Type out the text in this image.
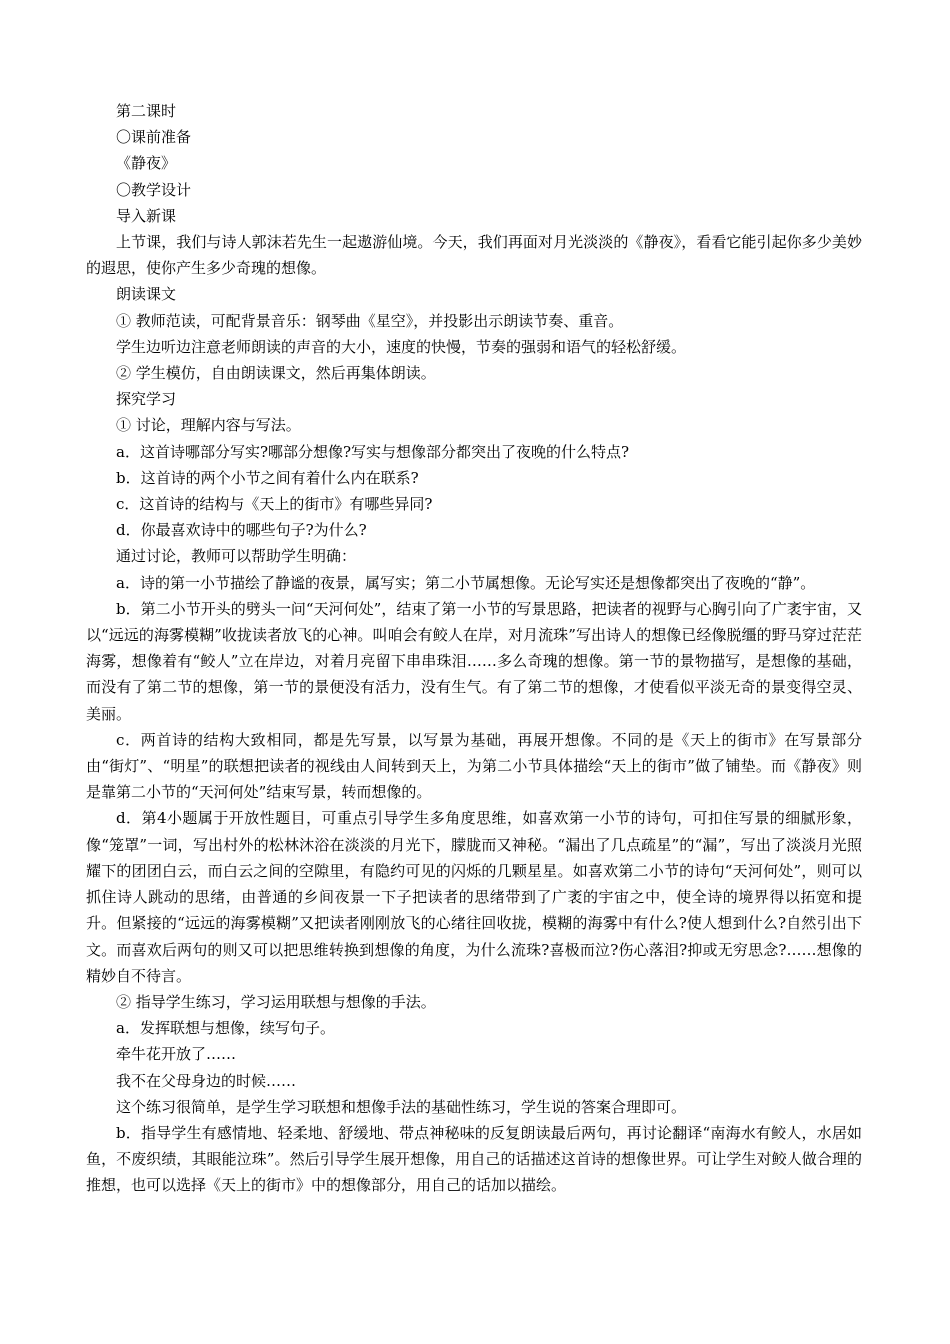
第二课时

〇课前准备

《静夜》

〇教学设计

导入新课

上节课，我们与诗人郭沫若先生一起遨游仙境。今天，我们再面对月光淡淡的《静夜》，看看它能引起你多少美妙的遐思，使你产生多少奇瑰的想像。

朗读课文

① 教师范读，可配背景音乐：钢琴曲《星空》，并投影出示朗读节奏、重音。

学生边听边注意老师朗读的声音的大小，速度的快慢，节奏的强弱和语气的轻松舒缓。

② 学生模仿，自由朗读课文，然后再集体朗读。

探究学习

① 讨论，理解内容与写法。

a．这首诗哪部分写实?哪部分想像?写实与想像部分都突出了夜晚的什么特点?

b．这首诗的两个小节之间有着什么内在联系?

c．这首诗的结构与《天上的街市》有哪些异同?

d．你最喜欢诗中的哪些句子?为什么?

通过讨论，教师可以帮助学生明确：

a．诗的第一小节描绘了静谧的夜景，属写实；第二小节属想像。无论写实还是想像都突出了夜晚的“静”。

b．第二小节开头的劈头一问“天河何处”，结束了第一小节的写景思路，把读者的视野与心胸引向了广袤宇宙，又以“远远的海雾模糊”收拢读者放飞的心神。叫咱会有鲛人在岸，对月流珠”写出诗人的想像已经像脱缰的野马穿过茫茫海雾，想像着有“鲛人”立在岸边，对着月亮留下串串珠泪……多么奇瑰的想像。第一节的景物描写，是想像的基础，而没有了第二节的想像，第一节的景便没有活力，没有生气。有了第二节的想像，才使看似平淡无奇的景变得空灵、美丽。

c．两首诗的结构大致相同，都是先写景，以写景为基础，再展开想像。不同的是《天上的街市》在写景部分由“街灯”、“明星”的联想把读者的视线由人间转到天上，为第二小节具体描绘“天上的街市”做了铺垫。而《静夜》则是靠第二小节的“天河何处”结束写景，转而想像的。

d．第4小题属于开放性题目，可重点引导学生多角度思维，如喜欢第一小节的诗句，可扣住写景的细腻形象，像“笼罩”一词，写出村外的松林沐浴在淡淡的月光下，朦胧而又神秘。“漏出了几点疏星”的“漏”，写出了淡淡月光照耀下的团团白云，而白云之间的空隙里，有隐约可见的闪烁的几颗星星。如喜欢第二小节的诗句“天河何处”，则可以抓住诗人跳动的思绪，由普通的乡间夜景一下子把读者的思绪带到了广袤的宇宙之中，使全诗的境界得以拓宽和提升。但紧接的“远远的海雾模糊”又把读者刚刚放飞的心绪往回收拢，模糊的海雾中有什么?使人想到什么?自然引出下文。而喜欢后两句的则又可以把思维转换到想像的角度，为什么流珠?喜极而泣?伤心落泪?抑或无穷思念?……想像的精妙自不待言。

② 指导学生练习，学习运用联想与想像的手法。

a．发挥联想与想像，续写句子。

牵牛花开放了……

我不在父母身边的时候……

这个练习很简单，是学生学习联想和想像手法的基础性练习，学生说的答案合理即可。

b．指导学生有感情地、轻柔地、舒缓地、带点神秘味的反复朗读最后两句，再讨论翻译“南海水有鲛人，水居如鱼，不废织绩，其眼能泣珠”。然后引导学生展开想像，用自己的话描述这首诗的想像世界。可让学生对鲛人做合理的推想，也可以选择《天上的街市》中的想像部分，用自己的话加以描绘。
